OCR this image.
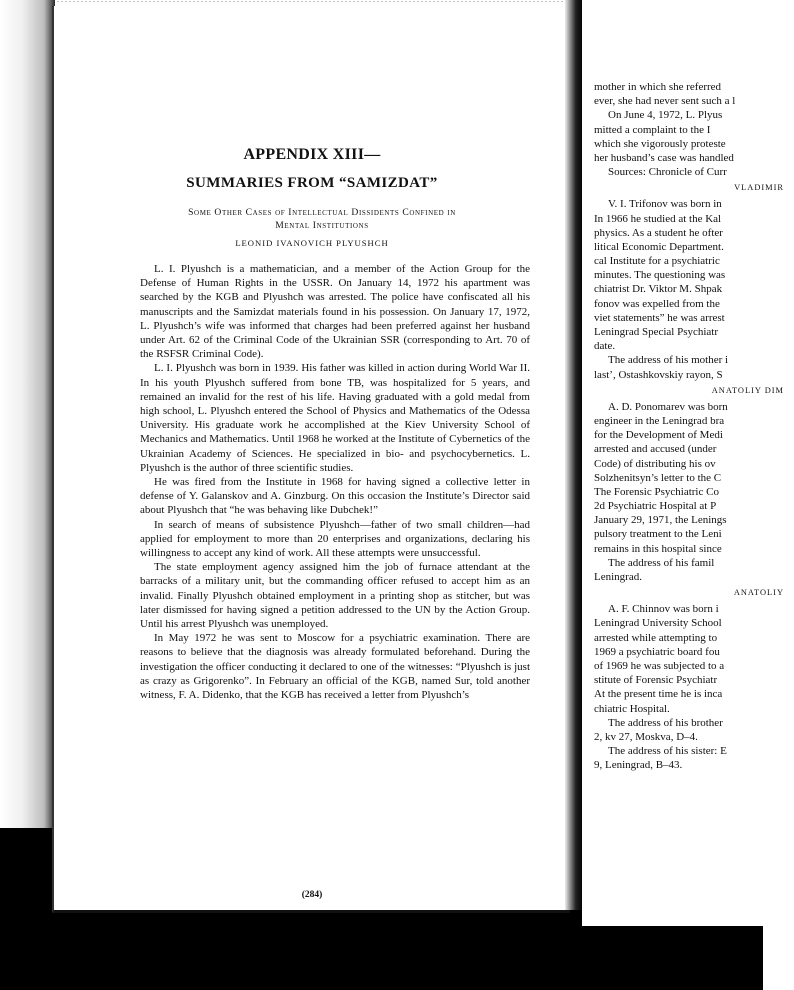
APPENDIX XIII—
SUMMARIES FROM “SAMIZDAT”
Some Other Cases of Intellectual Dissidents Confined in
Mental Institutions
LEONID IVANOVICH PLYUSHCH

L. I. Plyushch is a mathematician, and a member of the Action Group for the Defense of Human Rights in the USSR. On January 14, 1972 his apartment was searched by the KGB and Plyushch was arrested. The police have confiscated all his manuscripts and the Samizdat materials found in his possession. On January 17, 1972, L. Plyushch’s wife was informed that charges had been preferred against her husband under Art. 62 of the Criminal Code of the Ukrainian SSR (corresponding to Art. 70 of the RSFSR Criminal Code).

L. I. Plyushch was born in 1939. His father was killed in action during World War II. In his youth Plyushch suffered from bone TB, was hospitalized for 5 years, and remained an invalid for the rest of his life. Having graduated with a gold medal from high school, L. Plyushch entered the School of Physics and Mathematics of the Odessa University. His graduate work he accomplished at the Kiev University School of Mechanics and Mathematics. Until 1968 he worked at the Institute of Cybernetics of the Ukrainian Academy of Sciences. He specialized in bio- and psychocybernetics. L. Plyushch is the author of three scientific studies.

He was fired from the Institute in 1968 for having signed a collective letter in defense of Y. Galanskov and A. Ginzburg. On this occasion the Institute’s Director said about Plyushch that “he was behaving like Dubchek!”

In search of means of subsistence Plyushch—father of two small children—had applied for employment to more than 20 enterprises and organizations, declaring his willingness to accept any kind of work. All these attempts were unsuccessful.

The state employment agency assigned him the job of furnace attendant at the barracks of a military unit, but the commanding officer refused to accept him as an invalid. Finally Plyushch obtained employment in a printing shop as stitcher, but was later dismissed for having signed a petition addressed to the UN by the Action Group. Until his arrest Plyushch was unemployed.

In May 1972 he was sent to Moscow for a psychiatric examination. There are reasons to believe that the diagnosis was already formulated beforehand. During the investigation the officer conducting it declared to one of the witnesses: “Plyushch is just as crazy as Grigorenko”. In February an official of the KGB, named Sur, told another witness, F. A. Didenko, that the KGB has received a letter from Plyushch’s

(284)
mother in which she referred
ever, she had never sent such a l
On June 4, 1972, L. Plyus
mitted a complaint to the I
which she vigorously proteste
her husband’s case was handled
Sources: Chronicle of Curr
VLADIMIR
V. I. Trifonov was born in
In 1966 he studied at the Kal
physics. As a student he ofter
litical Economic Department.
cal Institute for a psychiatric
minutes. The questioning was
chiatrist Dr. Viktor M. Shpak
fonov was expelled from the
viet statements” he was arrest
Leningrad Special Psychiatr
date.
The address of his mother i
last’, Ostashkovskiy rayon, S
ANATOLIY DIM
A. D. Ponomarev was born
engineer in the Leningrad bra
for the Development of Medi
arrested and accused (under
Code) of distributing his ov
Solzhenitsyn’s letter to the C
The Forensic Psychiatric Co
2d Psychiatric Hospital at P
January 29, 1971, the Lenings
pulsory treatment to the Leni
remains in this hospital since
The address of his famil
Leningrad.
ANATOLIY
A. F. Chinnov was born i
Leningrad University School
arrested while attempting to
1969 a psychiatric board fou
of 1969 he was subjected to a
stitute of Forensic Psychiatr
At the present time he is inca
chiatric Hospital.
The address of his brother
2, kv 27, Moskva, D–4.
The address of his sister: E
9, Leningrad, B–43.
